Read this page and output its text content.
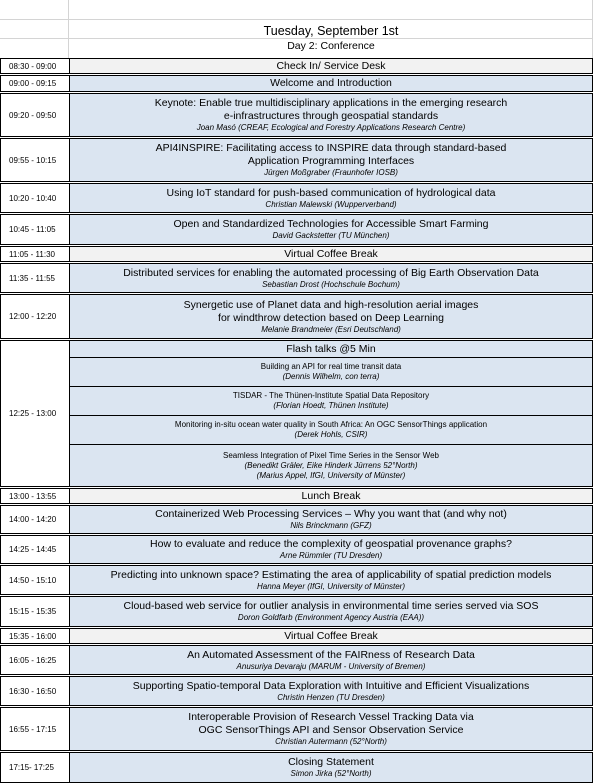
Tuesday, September 1st
Day 2: Conference
08:30 - 09:00	Check In/ Service Desk
09:00 - 09:15	Welcome and Introduction
09:20 - 09:50
Keynote: Enable true multidisciplinary applications in the emerging research
e-infrastructures through geospatial standards
Joan Masó (CREAF, Ecological and Forestry Applications Research Centre)
09:55 - 10:15
API4INSPIRE: Facilitating access to INSPIRE data through standard-based
Application Programming Interfaces
Jürgen Moßgraber (Fraunhofer IOSB)
10:20 - 10:40	Using IoT standard for push-based communication of hydrological data
Christian Malewski (Wupperverband)
10:45 - 11:05	Open and Standardized Technologies for Accessible Smart Farming
David Gackstetter (TU München)
11:05 - 11:30	Virtual Coffee Break
11:35 - 11:55	Distributed services for enabling the automated processing of Big Earth Observation Data
Sebastian Drost (Hochschule Bochum)
12:00 - 12:20
Synergetic use of Planet data and high-resolution aerial images
for windthrow detection based on Deep Learning
Melanie Brandmeier (Esri Deutschland)
12:25 - 13:00
Flash talks @5 Min
Building an API for real time transit data
(Dennis Wilhelm, con terra)
TISDAR - The Thünen-Institute Spatial Data Repository
(Florian Hoedt, Thünen Institute)
Monitoring in-situ ocean water quality in South Africa: An OGC SensorThings application
(Derek Hohls, CSIR)
Seamless Integration of Pixel Time Series in the Sensor Web
(Benedikt Gräler, Eike Hinderk Jürrens 52°North)
(Marius Appel, IfGI, University of Münster)
13:00 - 13:55	Lunch Break
14:00 - 14:20	Containerized Web Processing Services – Why you want that (and why not)
Nils Brinckmann (GFZ)
14:25 - 14:45	How to evaluate and reduce the complexity of geospatial provenance graphs?
Arne Rümmler (TU Dresden)
14:50 - 15:10	Predicting into unknown space? Estimating the area of applicability of spatial prediction models
Hanna Meyer (IfGI, University of Münster)
15:15 - 15:35	Cloud-based web service for outlier analysis in environmental time series served via SOS
Doron Goldfarb (Environment Agency Austria (EAA))
15:35 - 16:00	Virtual Coffee Break
16:05 - 16:25	An Automated Assessment of the FAIRness of Research Data
Anusuriya Devaraju (MARUM - University of Bremen)
16:30 - 16:50	Supporting Spatio-temporal Data Exploration with Intuitive and Efficient Visualizations
Christin Henzen (TU Dresden)
16:55 - 17:15
Interoperable Provision of Research Vessel Tracking Data via
OGC SensorThings API and Sensor Observation Service
Christian Autermann (52°North)
17:15- 17:25	Closing Statement
Simon Jirka (52°North)
